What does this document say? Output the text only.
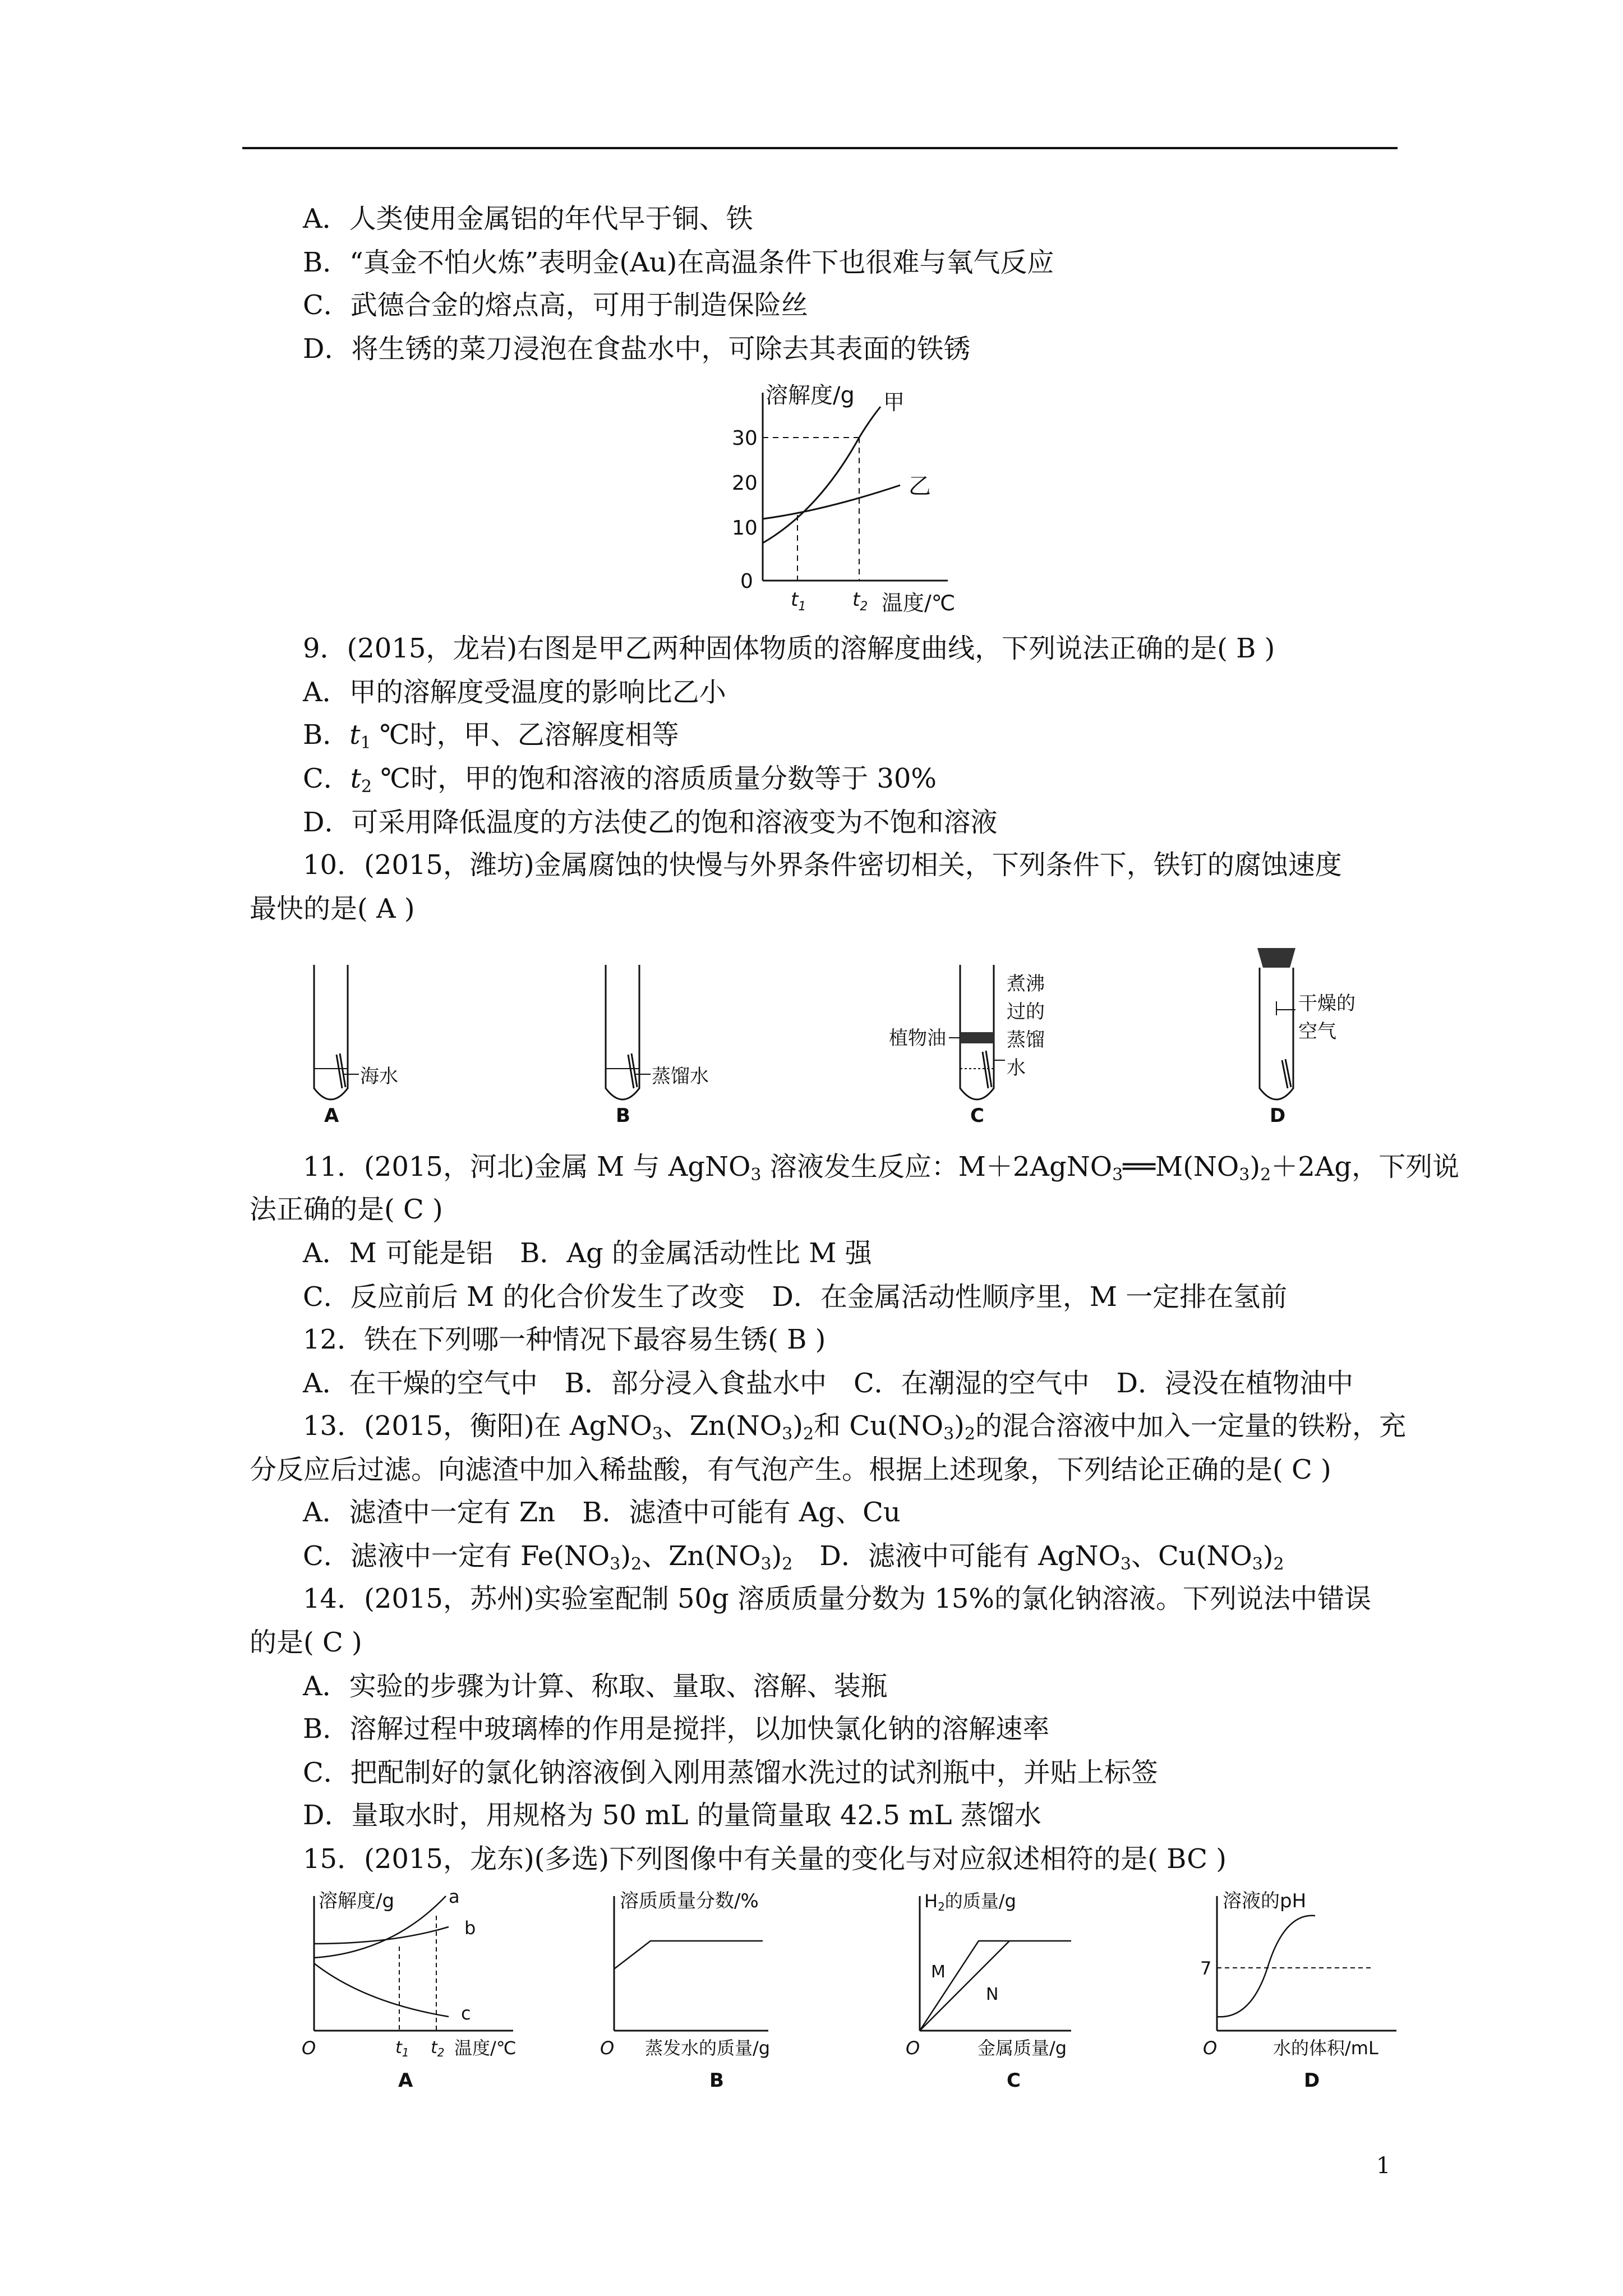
A．人类使用金属铝的年代早于铜、铁
B．“真金不怕火炼”表明金(Au)在高温条件下也很难与氧气反应
C．武德合金的熔点高，可用于制造保险丝
D．将生锈的菜刀浸泡在食盐水中，可除去其表面的铁锈
溶解度/g
30
20
10
0
甲
乙
$t_1$ $t_2$ 温度/℃
9．(2015，龙岩)右图是甲乙两种固体物质的溶解度曲线，下列说法正确的是( B )
A．甲的溶解度受温度的影响比乙小
B．$t_1$ ℃时，甲、乙溶解度相等
C．$t_2$ ℃时，甲的饱和溶液的溶质质量分数等于 30%
D．可采用降低温度的方法使乙的饱和溶液变为不饱和溶液
10．(2015，潍坊)金属腐蚀的快慢与外界条件密切相关，下列条件下，铁钉的腐蚀速度
最快的是( A )
海水
A
蒸馏水
B
植物油
煮沸
过的
蒸馏
水
C
干燥的
空气
D
11．(2015，河北)金属 M 与 AgNO$_3$ 溶液发生反应：$M+2AgNO_3══M(NO_3)_2+2Ag$，下列说
法正确的是( C )
A．M 可能是铝　B．Ag 的金属活动性比 M 强
C．反应前后 M 的化合价发生了改变　D．在金属活动性顺序里，M 一定排在氢前
12．铁在下列哪一种情况下最容易生锈( B )
A．在干燥的空气中　B．部分浸入食盐水中　C．在潮湿的空气中　D．浸没在植物油中
13．(2015，衡阳)在 AgNO$_3$、$Zn(NO_3)_2$和 $Cu(NO_3)_2$的混合溶液中加入一定量的铁粉，充
分反应后过滤。向滤渣中加入稀盐酸，有气泡产生。根据上述现象，下列结论正确的是( C )
A．滤渣中一定有 Zn　B．滤渣中可能有 Ag、Cu
C．滤液中一定有 $Fe(NO_3)_2$、$Zn(NO_3)_2$　D．滤液中可能有 AgNO$_3$、$Cu(NO_3)_2$
14．(2015，苏州)实验室配制 50g 溶质质量分数为 15%的氯化钠溶液。下列说法中错误
的是( C )
A．实验的步骤为计算、称取、量取、溶解、装瓶
B．溶解过程中玻璃棒的作用是搅拌，以加快氯化钠的溶解速率
C．把配制好的氯化钠溶液倒入刚用蒸馏水洗过的试剂瓶中，并贴上标签
D．量取水时，用规格为 50 mL 的量筒量取 42.5 mL 蒸馏水
15．(2015，龙东)(多选)下列图像中有关量的变化与对应叙述相符的是( BC )
溶解度/g	a
b
c
O	$t_1$ $t_2$ 温度/℃
A
溶质质量分数/%
O 蒸发水的质量/g
B
H2的质量/g
M
N
O	金属质量/g
C
溶液的pH
7
O	水的体积/mL
D
1
